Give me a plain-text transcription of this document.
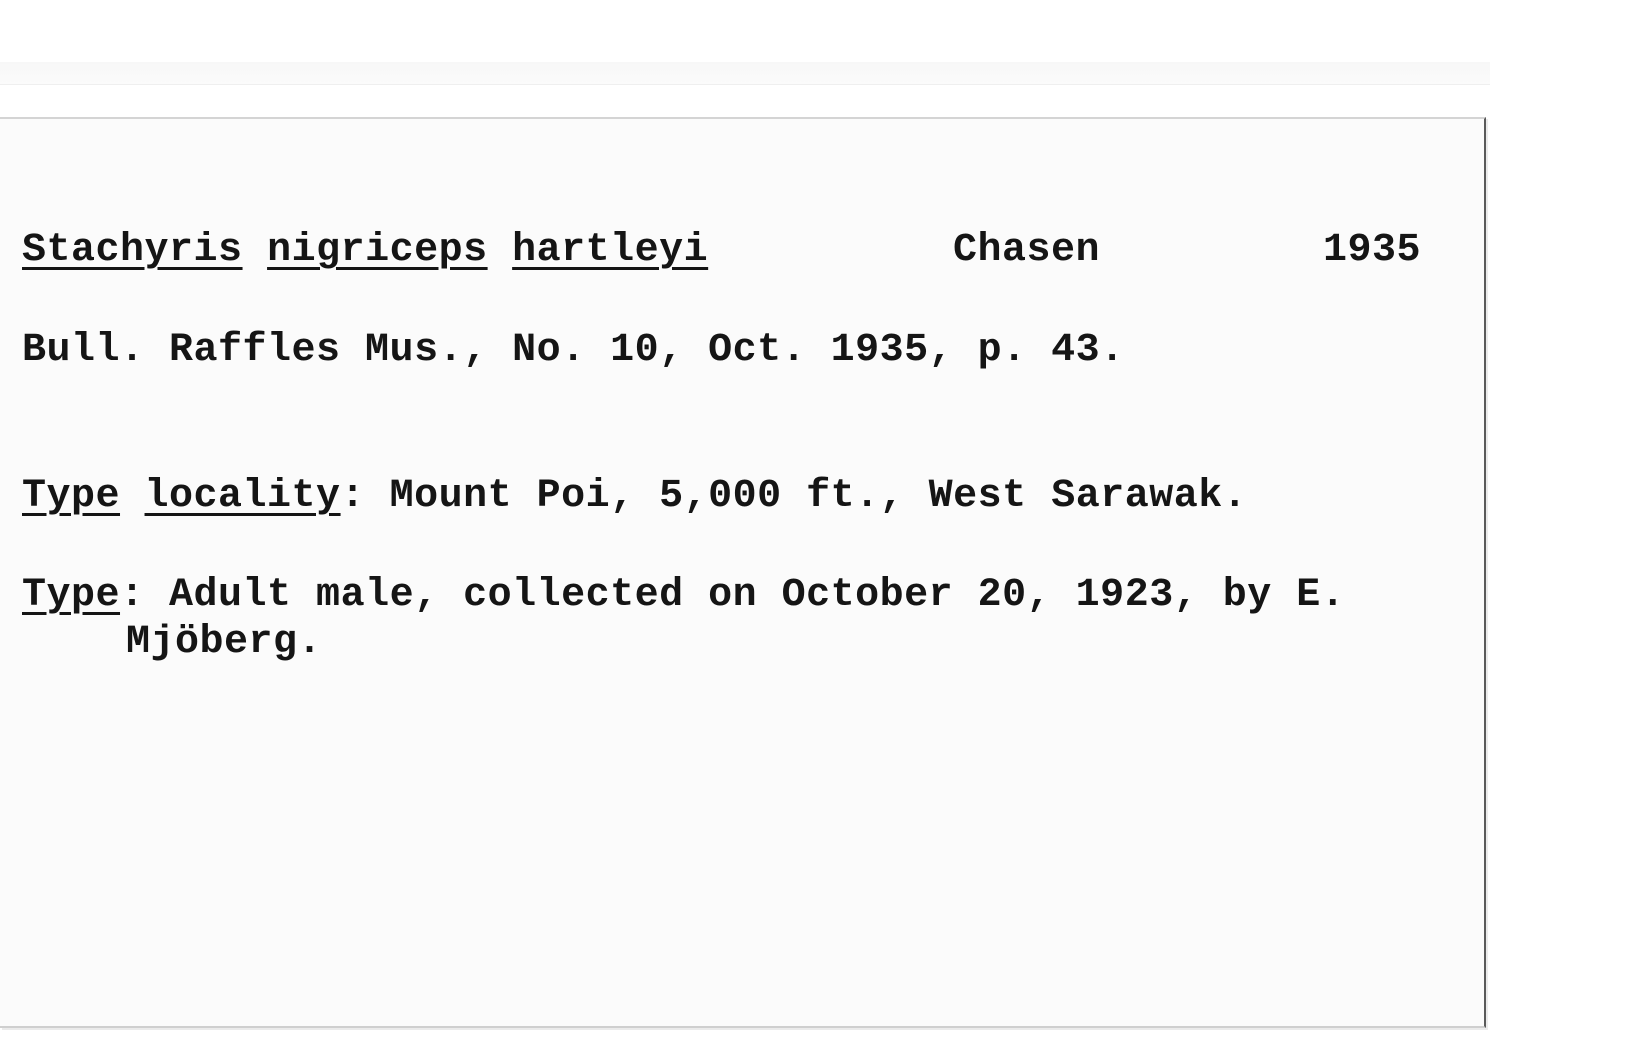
Stachyris nigriceps hartleyi	Chasen	1935
Bull. Raffles Mus., No. 10, Oct. 1935, p. 43.
Type locality: Mount Poi, 5,000 ft., West Sarawak.
Type: Adult male, collected on October 20, 1923, by E.
Mjöberg.
